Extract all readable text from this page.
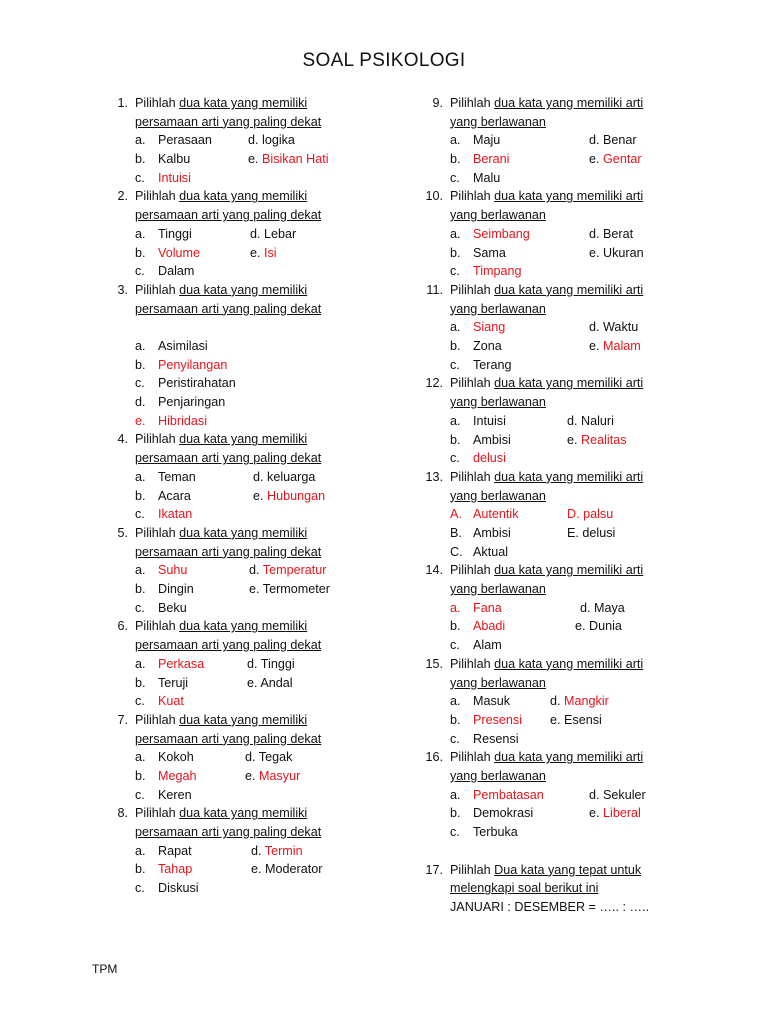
SOAL PSIKOLOGI
1. Pilihlah dua kata yang memiliki
persamaan arti yang paling dekat
a. Perasaan	d. logika
b. Kalbu	e. Bisikan Hati
c. Intuisi
2. Pilihlah dua kata yang memiliki
persamaan arti yang paling dekat
a. Tinggi	d. Lebar
b. Volume	e. Isi
c. Dalam
3. Pilihlah dua kata yang memiliki
persamaan arti yang paling dekat
a. Asimilasi
b. Penyilangan
c. Peristirahatan
d. Penjaringan
e. Hibridasi
4. Pilihlah dua kata yang memiliki
persamaan arti yang paling dekat
a. Teman	d. keluarga
b. Acara	e. Hubungan
c. Ikatan
5. Pilihlah dua kata yang memiliki
persamaan arti yang paling dekat
a. Suhu	d. Temperatur
b. Dingin	e. Termometer
c. Beku
6. Pilihlah dua kata yang memiliki
persamaan arti yang paling dekat
a. Perkasa	d. Tinggi
b. Teruji	e. Andal
c. Kuat
7. Pilihlah dua kata yang memiliki
persamaan arti yang paling dekat
a. Kokoh	d. Tegak
b. Megah	e. Masyur
c. Keren
8. Pilihlah dua kata yang memiliki
persamaan arti yang paling dekat
a. Rapat	d. Termin
b. Tahap	e. Moderator
c. Diskusi
9. Pilihlah dua kata yang memiliki arti
yang berlawanan
a. Maju	d. Benar
b. Berani	e. Gentar
c. Malu
10. Pilihlah dua kata yang memiliki arti
yang berlawanan
a. Seimbang	d. Berat
b. Sama	e. Ukuran
c. Timpang
11. Pilihlah dua kata yang memiliki arti
yang berlawanan
a. Siang	d. Waktu
b. Zona	e. Malam
c. Terang
12. Pilihlah dua kata yang memiliki arti
yang berlawanan
a. Intuisi	d. Naluri
b. Ambisi	e. Realitas
c. delusi
13. Pilihlah dua kata yang memiliki arti
yang berlawanan
A. Autentik	D. palsu
B. Ambisi	E. delusi
C. Aktual
14. Pilihlah dua kata yang memiliki arti
yang berlawanan
a. Fana	d. Maya
b. Abadi	e. Dunia
c. Alam
15. Pilihlah dua kata yang memiliki arti
yang berlawanan
a. Masuk	d. Mangkir
b. Presensi e. Esensi
c. Resensi
16. Pilihlah dua kata yang memiliki arti
yang berlawanan
a. Pembatasan	d. Sekuler
b. Demokrasi	e. Liberal
c. Terbuka
17. Pilihlah Dua kata yang tepat untuk
melengkapi soal berikut ini
JANUARI : DESEMBER = ….. : …..
TPM
